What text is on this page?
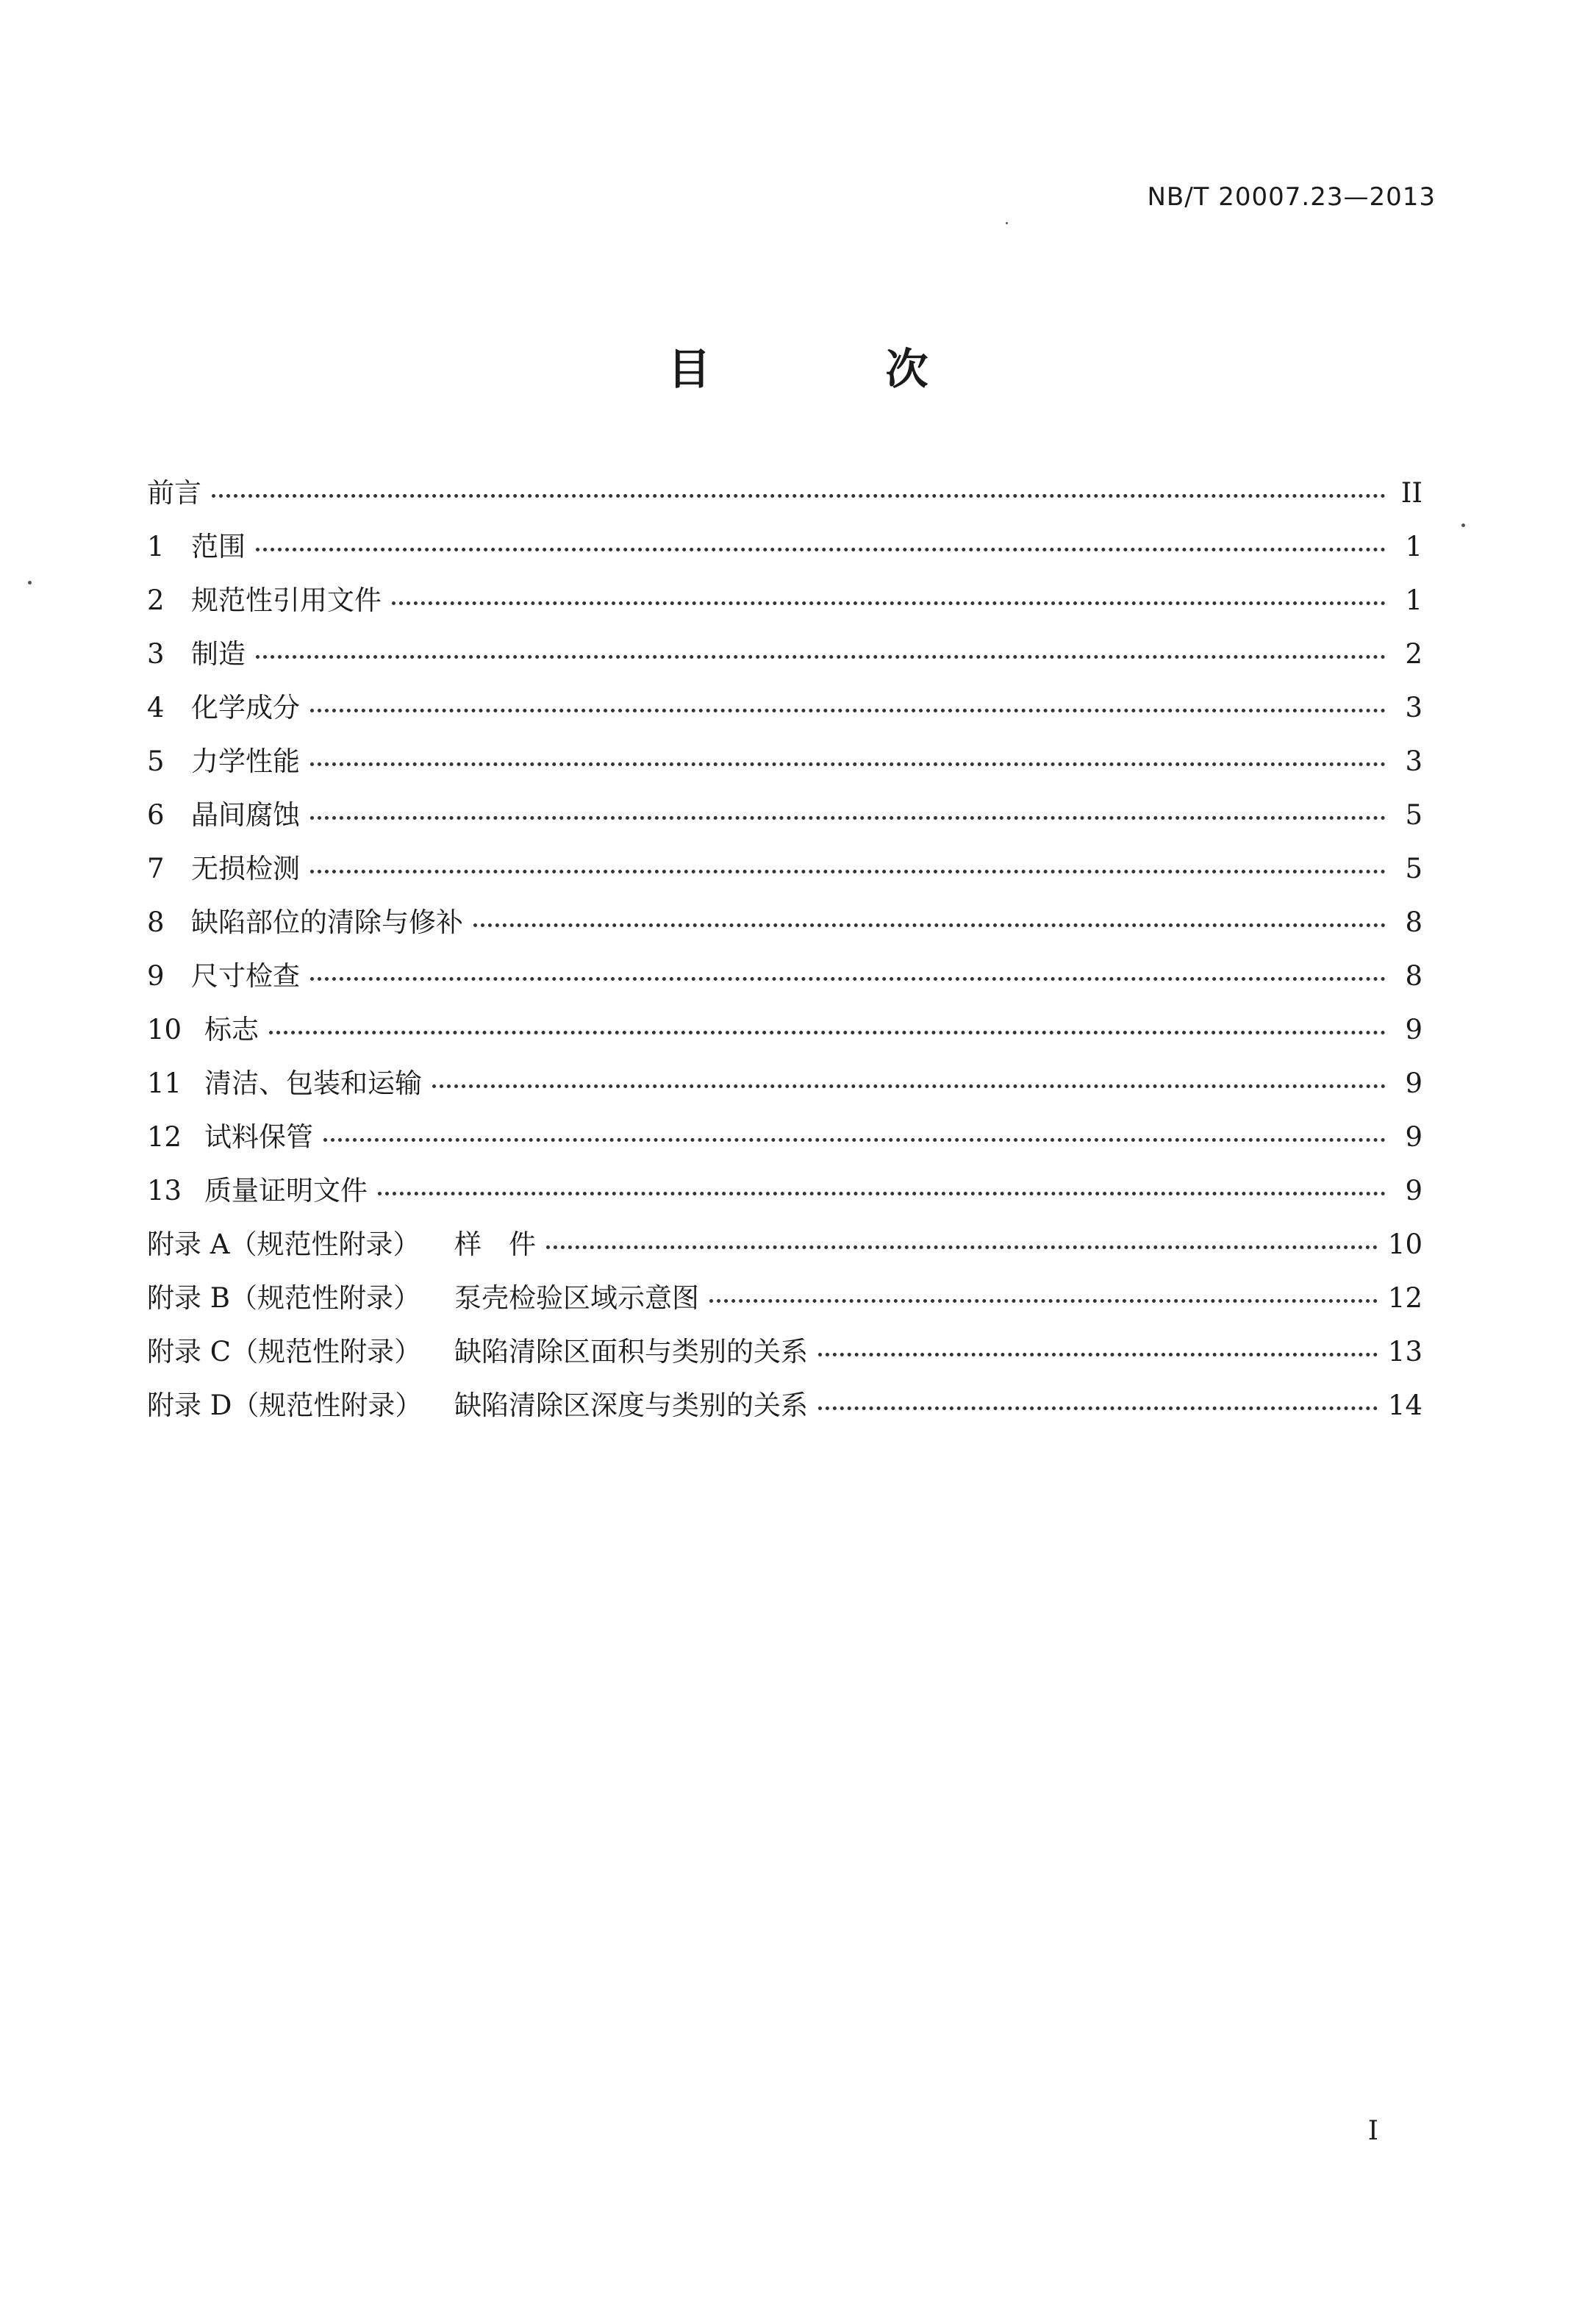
NB/T 20007.23—2013
目　次
前言	II
1 范围	1
2 规范性引用文件	1
3 制造	2
4 化学成分	3
5 力学性能	3
6 晶间腐蚀	5
7 无损检测	5
8 缺陷部位的清除与修补	8
9 尺寸检查	8
10 标志	9
11 清洁、包装和运输	9
12 试料保管	9
13 质量证明文件	9
附录 A（规范性附录）	样　件	10
附录 B（规范性附录）	泵壳检验区域示意图	12
附录 C（规范性附录）	缺陷清除区面积与类别的关系	13
附录 D（规范性附录）	缺陷清除区深度与类别的关系	14
I
